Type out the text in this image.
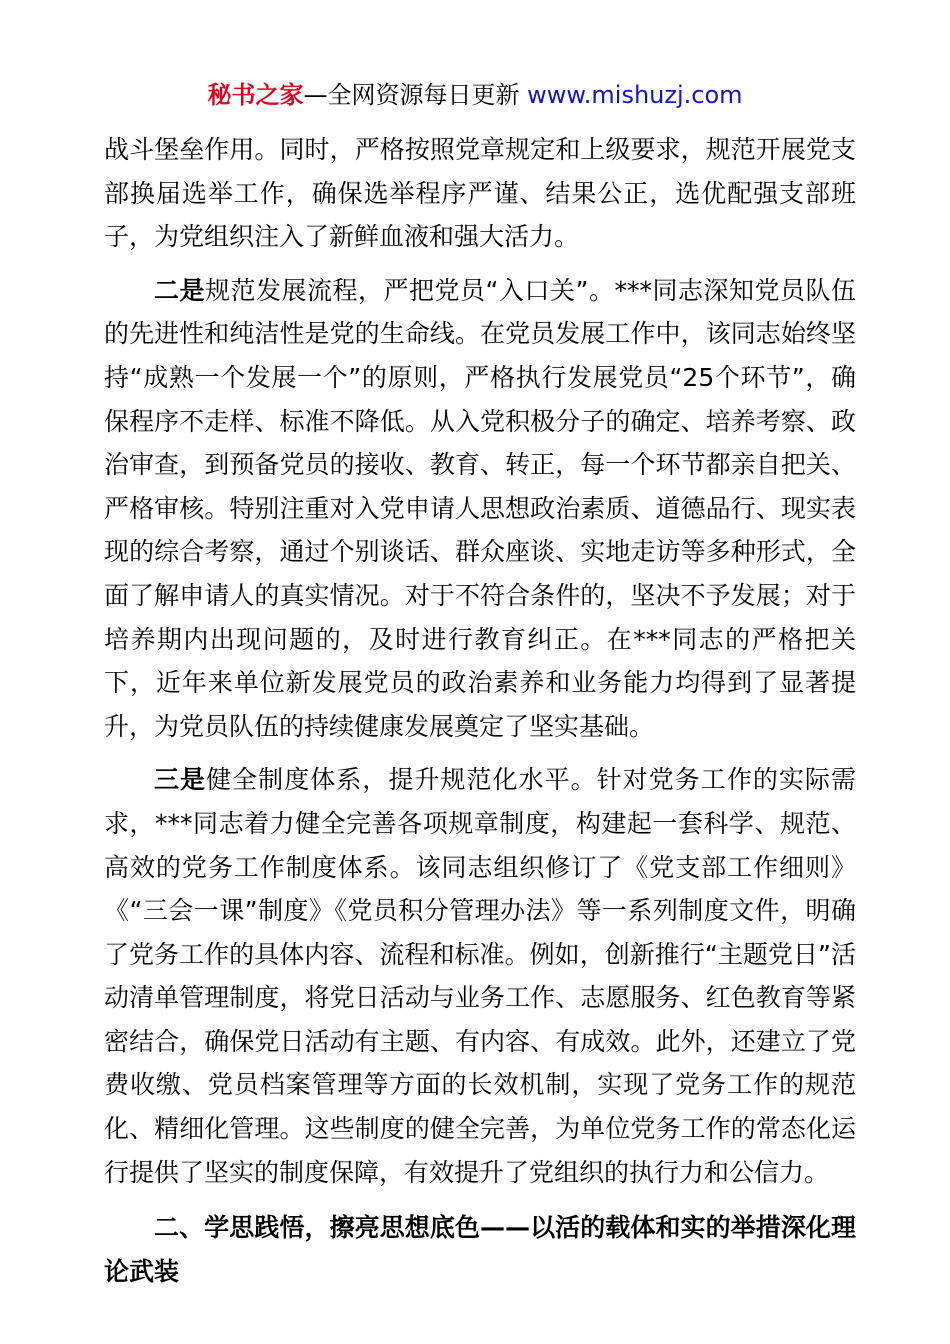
秘书之家—全网资源每日更新 www.mishuzj.com

战斗堡垒作用。同时，严格按照党章规定和上级要求，规范开展党支部换届选举工作，确保选举程序严谨、结果公正，选优配强支部班子，为党组织注入了新鲜血液和强大活力。

二是规范发展流程，严把党员“入口关”。***同志深知党员队伍的先进性和纯洁性是党的生命线。在党员发展工作中，该同志始终坚持“成熟一个发展一个”的原则，严格执行发展党员“25个环节”，确保程序不走样、标准不降低。从入党积极分子的确定、培养考察、政治审查，到预备党员的接收、教育、转正，每一个环节都亲自把关、严格审核。特别注重对入党申请人思想政治素质、道德品行、现实表现的综合考察，通过个别谈话、群众座谈、实地走访等多种形式，全面了解申请人的真实情况。对于不符合条件的，坚决不予发展；对于培养期内出现问题的，及时进行教育纠正。在***同志的严格把关下，近年来单位新发展党员的政治素养和业务能力均得到了显著提升，为党员队伍的持续健康发展奠定了坚实基础。

三是健全制度体系，提升规范化水平。针对党务工作的实际需求，***同志着力健全完善各项规章制度，构建起一套科学、规范、高效的党务工作制度体系。该同志组织修订了《党支部工作细则》《“三会一课”制度》《党员积分管理办法》等一系列制度文件，明确了党务工作的具体内容、流程和标准。例如，创新推行“主题党日”活动清单管理制度，将党日活动与业务工作、志愿服务、红色教育等紧密结合，确保党日活动有主题、有内容、有成效。此外，还建立了党费收缴、党员档案管理等方面的长效机制，实现了党务工作的规范化、精细化管理。这些制度的健全完善，为单位党务工作的常态化运行提供了坚实的制度保障，有效提升了党组织的执行力和公信力。

二、学思践悟，擦亮思想底色——以活的载体和实的举措深化理论武装
